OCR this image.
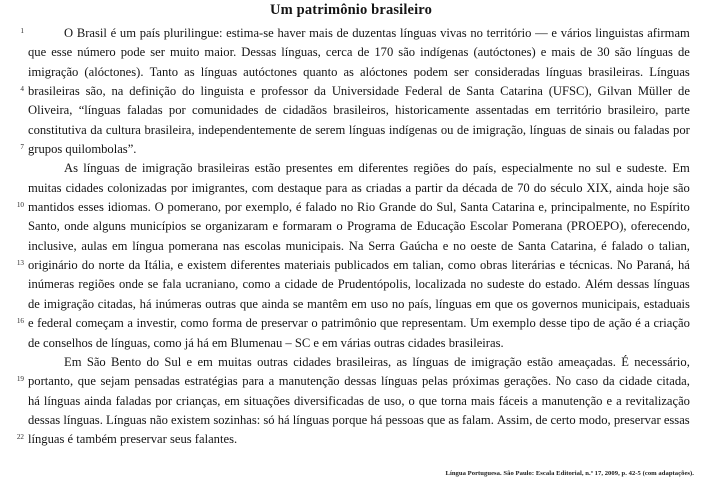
Um patrimônio brasileiro
1	O Brasil é um país plurilingue: estima-se haver mais de duzentas línguas vivas no território — e vários linguistas afirmam
que esse número pode ser muito maior. Dessas línguas, cerca de 170 são indígenas (autóctones) e mais de 30 são línguas de
imigração (alóctones). Tanto as línguas autóctones quanto as alóctones podem ser consideradas línguas brasileiras. Línguas
4 brasileiras são, na definição do linguista e professor da Universidade Federal de Santa Catarina (UFSC), Gilvan Müller de
Oliveira, “línguas faladas por comunidades de cidadãos brasileiros, historicamente assentadas em território brasileiro, parte
constitutiva da cultura brasileira, independentemente de serem línguas indígenas ou de imigração, línguas de sinais ou faladas por
7 grupos quilombolas”.
As línguas de imigração brasileiras estão presentes em diferentes regiões do país, especialmente no sul e sudeste. Em
muitas cidades colonizadas por imigrantes, com destaque para as criadas a partir da década de 70 do século XIX, ainda hoje são
10 mantidos esses idiomas. O pomerano, por exemplo, é falado no Rio Grande do Sul, Santa Catarina e, principalmente, no Espírito
Santo, onde alguns municípios se organizaram e formaram o Programa de Educação Escolar Pomerana (PROEPO), oferecendo,
inclusive, aulas em língua pomerana nas escolas municipais. Na Serra Gaúcha e no oeste de Santa Catarina, é falado o talian,
13 originário do norte da Itália, e existem diferentes materiais publicados em talian, como obras literárias e técnicas. No Paraná, há
inúmeras regiões onde se fala ucraniano, como a cidade de Prudentópolis, localizada no sudeste do estado. Além dessas línguas
de imigração citadas, há inúmeras outras que ainda se mantêm em uso no país, línguas em que os governos municipais, estaduais
16 e federal começam a investir, como forma de preservar o patrimônio que representam. Um exemplo desse tipo de ação é a criação
de conselhos de línguas, como já há em Blumenau – SC e em várias outras cidades brasileiras.
Em São Bento do Sul e em muitas outras cidades brasileiras, as línguas de imigração estão ameaçadas. É necessário,
19 portanto, que sejam pensadas estratégias para a manutenção dessas línguas pelas próximas gerações. No caso da cidade citada,
há línguas ainda faladas por crianças, em situações diversificadas de uso, o que torna mais fáceis a manutenção e a revitalização
dessas línguas. Línguas não existem sozinhas: só há línguas porque há pessoas que as falam. Assim, de certo modo, preservar essas
22 línguas é também preservar seus falantes.
Língua Portuguesa. São Paulo: Escala Editorial, n.º 17, 2009, p. 42-5 (com adaptações).
